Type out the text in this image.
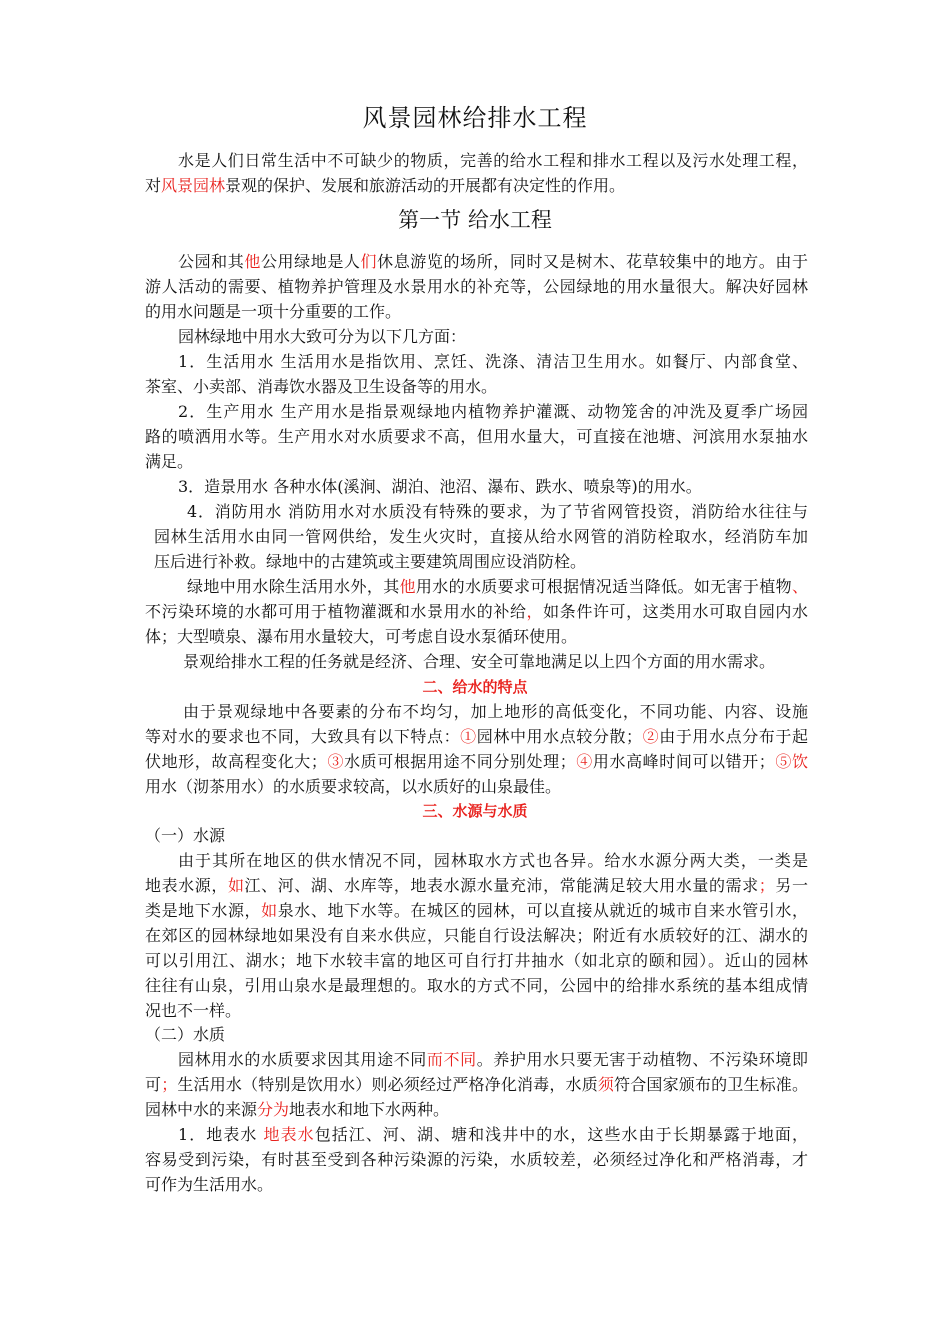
风景园林给排水工程
水是人们日常生活中不可缺少的物质，完善的给水工程和排水工程以及污水处理工程，
对风景园林景观的保护、发展和旅游活动的开展都有决定性的作用。
第一节 给水工程
公园和其他公用绿地是人们休息游览的场所，同时又是树木、花草较集中的地方。由于
游人活动的需要、植物养护管理及水景用水的补充等，公园绿地的用水量很大。解决好园林
的用水问题是一项十分重要的工作。
园林绿地中用水大致可分为以下几方面：
1．生活用水 生活用水是指饮用、烹饪、洗涤、清洁卫生用水。如餐厅、内部食堂、
茶室、小卖部、消毒饮水器及卫生设备等的用水。
2．生产用水 生产用水是指景观绿地内植物养护灌溉、动物笼舍的冲洗及夏季广场园
路的喷洒用水等。生产用水对水质要求不高，但用水量大，可直接在池塘、河滨用水泵抽水
满足。
3．造景用水 各种水体(溪涧、湖泊、池沼、瀑布、跌水、喷泉等)的用水。
4．消防用水 消防用水对水质没有特殊的要求，为了节省网管投资，消防给水往往与
园林生活用水由同一管网供给，发生火灾时，直接从给水网管的消防栓取水，经消防车加
压后进行补救。绿地中的古建筑或主要建筑周围应设消防栓。
绿地中用水除生活用水外，其他用水的水质要求可根据情况适当降低。如无害于植物、
不污染环境的水都可用于植物灌溉和水景用水的补给，如条件许可，这类用水可取自园内水
体；大型喷泉、瀑布用水量较大，可考虑自设水泵循环使用。
景观给排水工程的任务就是经济、合理、安全可靠地满足以上四个方面的用水需求。
二、给水的特点
由于景观绿地中各要素的分布不均匀，加上地形的高低变化，不同功能、内容、设施
等对水的要求也不同，大致具有以下特点：①园林中用水点较分散；②由于用水点分布于起
伏地形，故高程变化大；③水质可根据用途不同分别处理；④用水高峰时间可以错开；⑤饮
用水（沏茶用水）的水质要求较高，以水质好的山泉最佳。
三、水源与水质
（一）水源
由于其所在地区的供水情况不同，园林取水方式也各异。给水水源分两大类，一类是
地表水源，如江、河、湖、水库等，地表水源水量充沛，常能满足较大用水量的需求；另一
类是地下水源，如泉水、地下水等。在城区的园林，可以直接从就近的城市自来水管引水，
在郊区的园林绿地如果没有自来水供应，只能自行设法解决；附近有水质较好的江、湖水的
可以引用江、湖水；地下水较丰富的地区可自行打井抽水（如北京的颐和园）。近山的园林
往往有山泉，引用山泉水是最理想的。取水的方式不同，公园中的给排水系统的基本组成情
况也不一样。
（二）水质
园林用水的水质要求因其用途不同而不同。养护用水只要无害于动植物、不污染环境即
可；生活用水（特别是饮用水）则必须经过严格净化消毒，水质须符合国家颁布的卫生标准。
园林中水的来源分为地表水和地下水两种。
1．地表水 地表水包括江、河、湖、塘和浅井中的水，这些水由于长期暴露于地面，
容易受到污染，有时甚至受到各种污染源的污染，水质较差，必须经过净化和严格消毒，才
可作为生活用水。
